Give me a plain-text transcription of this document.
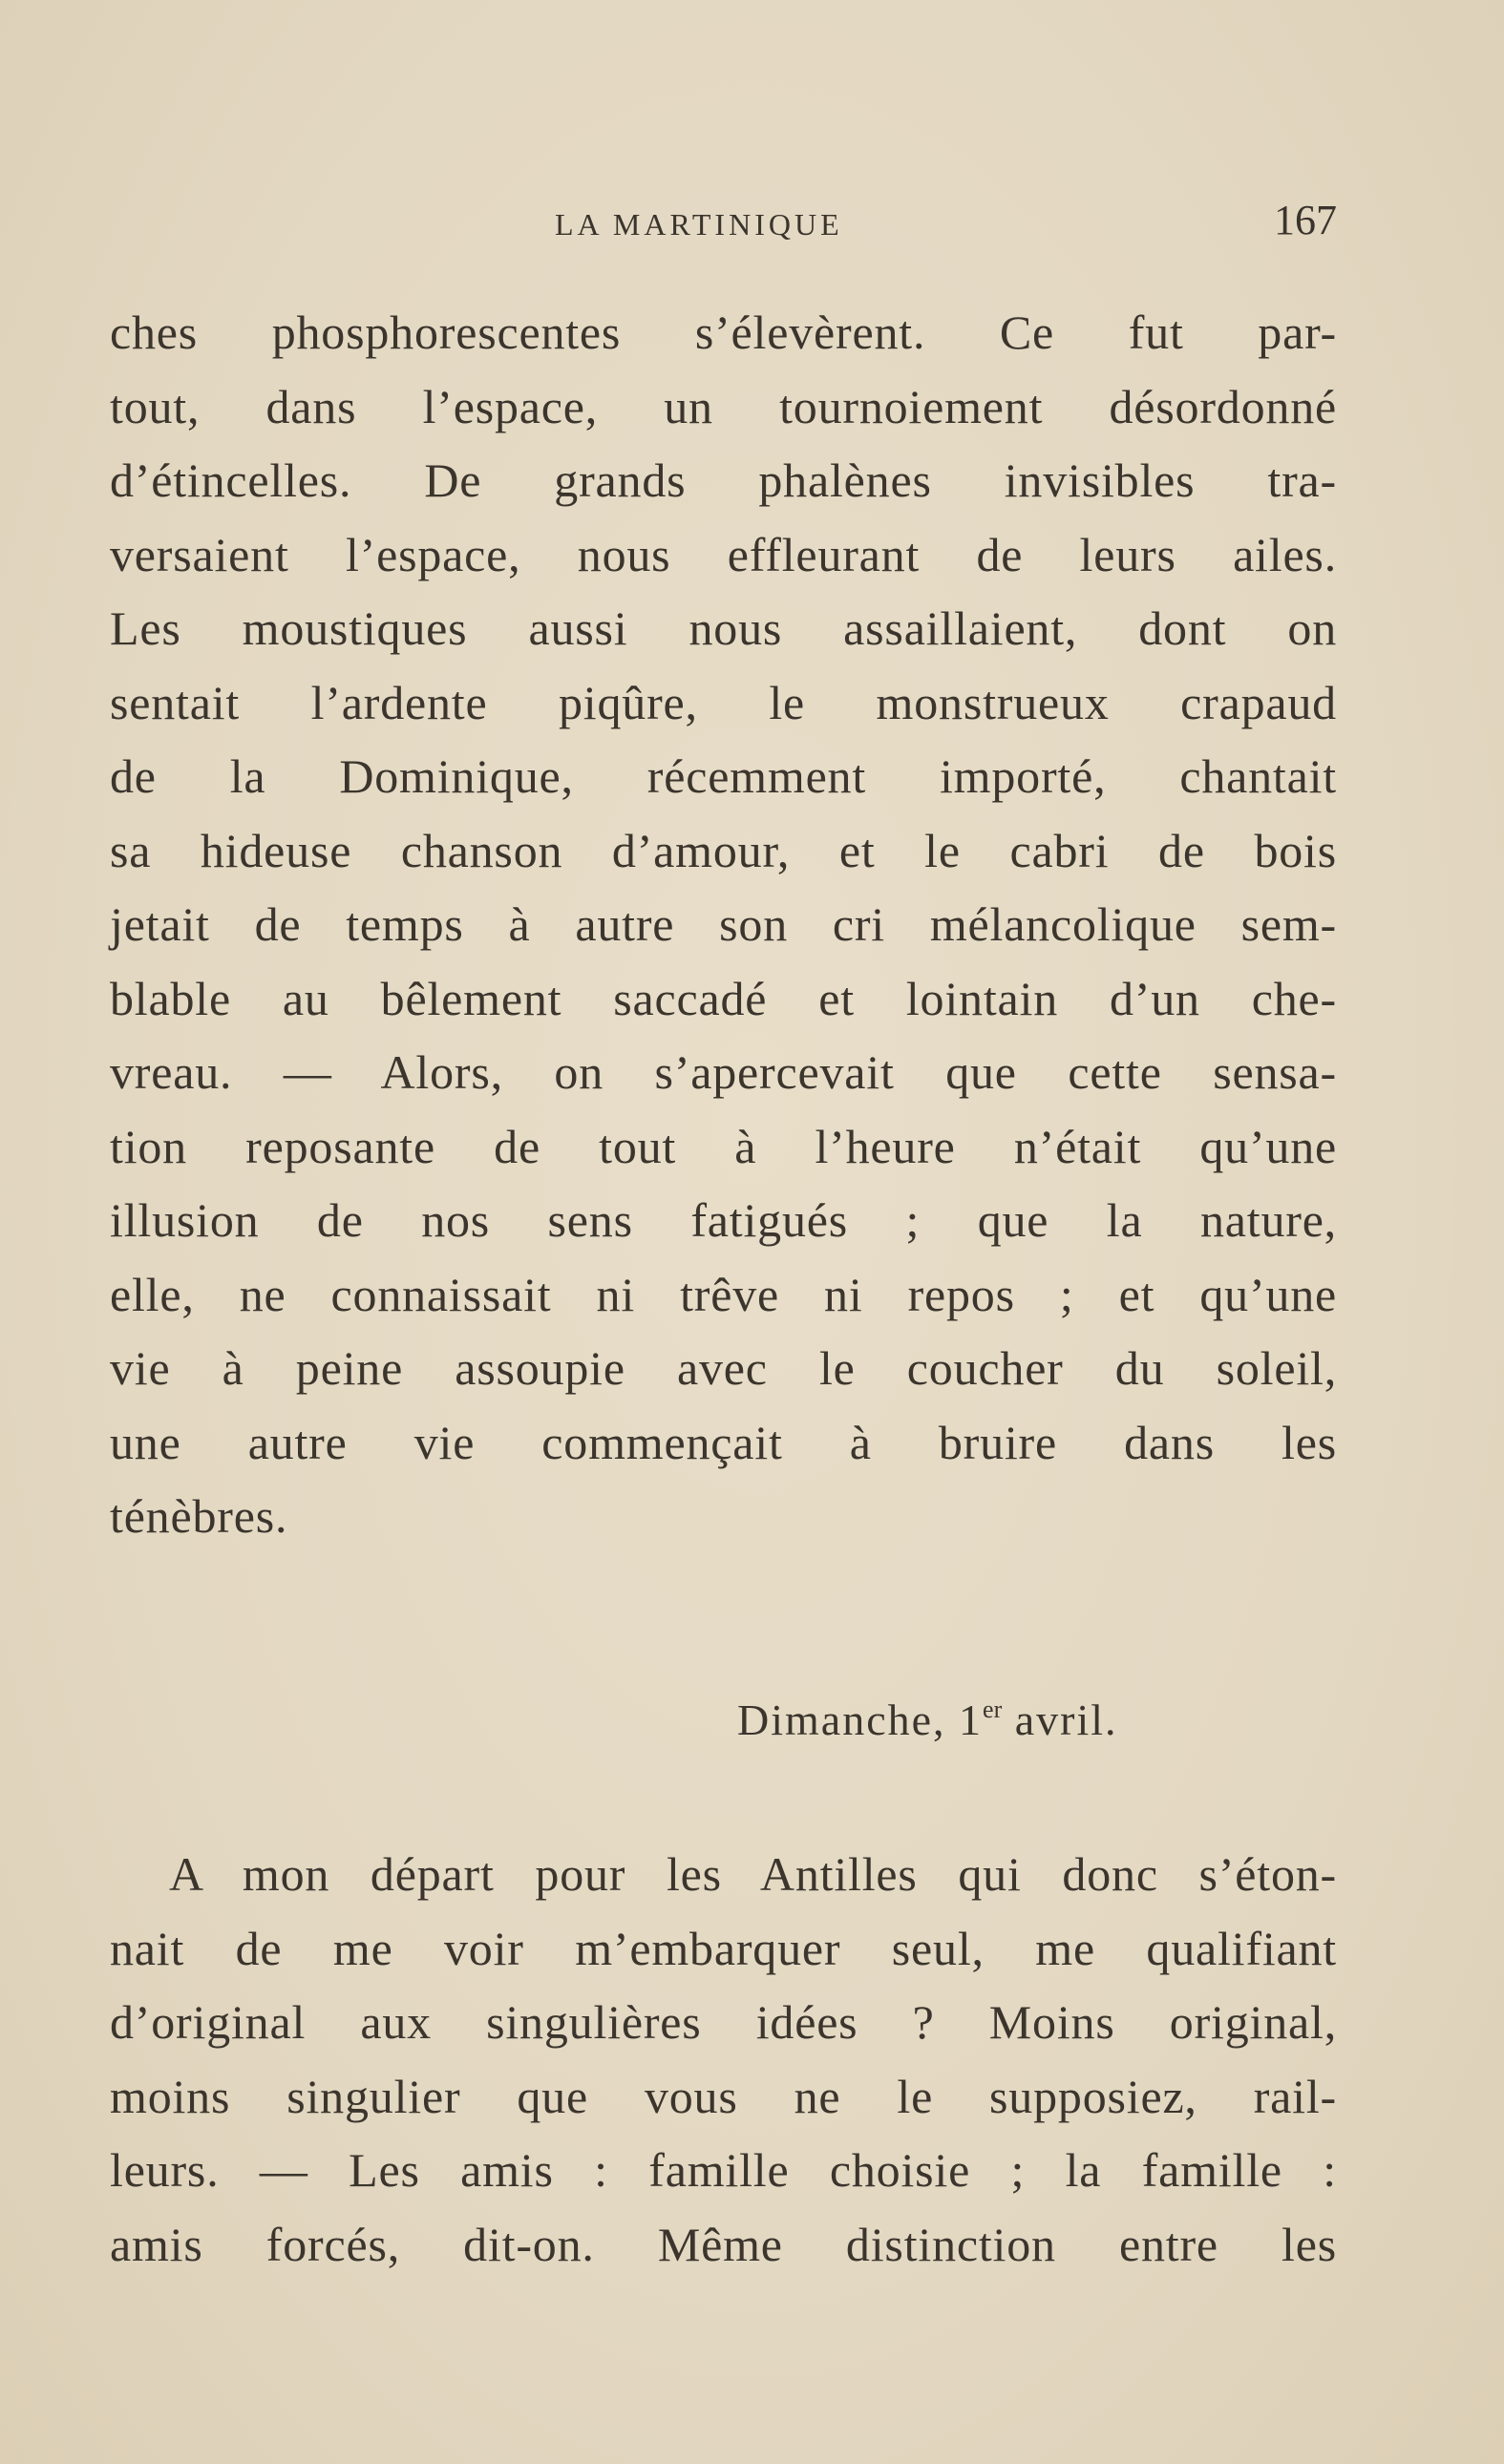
LA MARTINIQUE	167
ches phosphorescentes s’élevèrent. Ce fut par-
tout, dans l’espace, un tournoiement désordonné
d’étincelles. De grands phalènes invisibles tra-
versaient l’espace, nous effleurant de leurs ailes.
Les moustiques aussi nous assaillaient, dont on
sentait l’ardente piqûre, le monstrueux crapaud
de la Dominique, récemment importé, chantait
sa hideuse chanson d’amour, et le cabri de bois
jetait de temps à autre son cri mélancolique sem-
blable au bêlement saccadé et lointain d’un che-
vreau. — Alors, on s’apercevait que cette sensa-
tion reposante de tout à l’heure n’était qu’une
illusion de nos sens fatigués ; que la nature,
elle, ne connaissait ni trêve ni repos ; et qu’une
vie à peine assoupie avec le coucher du soleil,
une autre vie commençait à bruire dans les
ténèbres.
Dimanche, 1er avril.
A mon départ pour les Antilles qui donc s’éton-
nait de me voir m’embarquer seul, me qualifiant
d’original aux singulières idées ? Moins original,
moins singulier que vous ne le supposiez, rail-
leurs. — Les amis : famille choisie ; la famille :
amis forcés, dit-on. Même distinction entre les
